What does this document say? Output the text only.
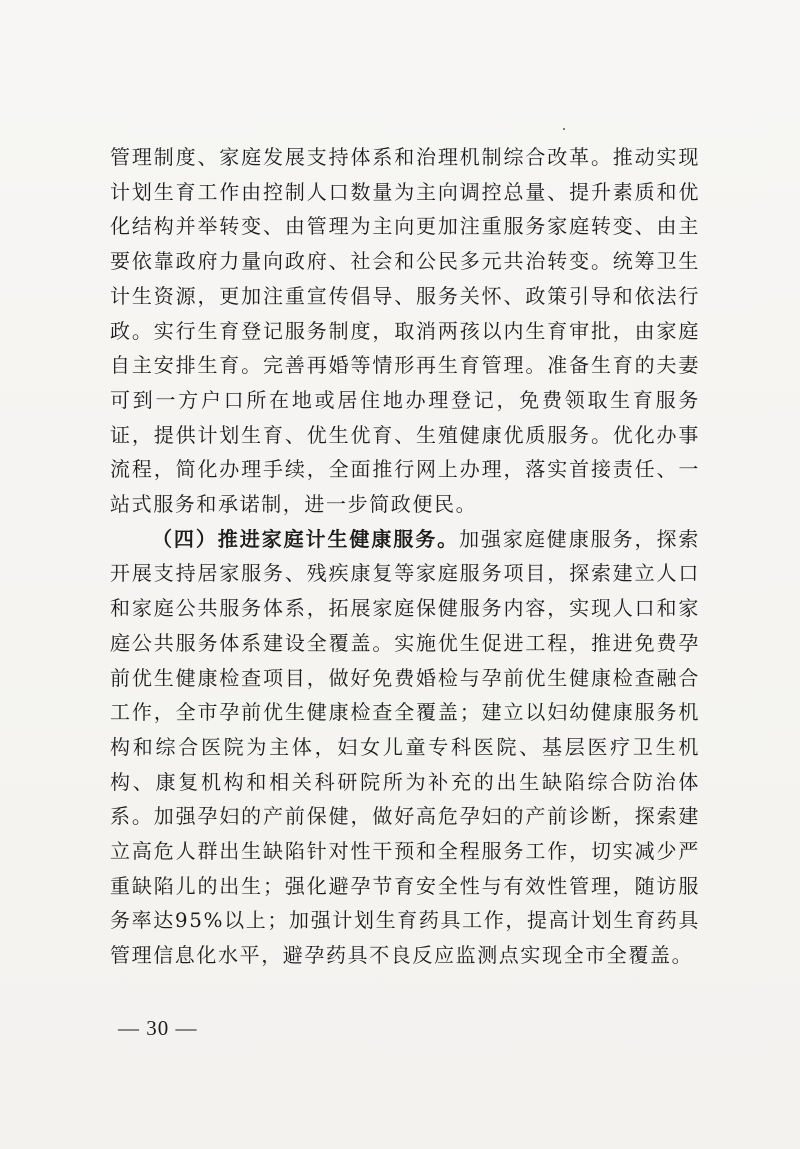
管理制度、家庭发展支持体系和治理机制综合改革。推动实现计划生育工作由控制人口数量为主向调控总量、提升素质和优化结构并举转变、由管理为主向更加注重服务家庭转变、由主要依靠政府力量向政府、社会和公民多元共治转变。统筹卫生计生资源，更加注重宣传倡导、服务关怀、政策引导和依法行政。实行生育登记服务制度，取消两孩以内生育审批，由家庭自主安排生育。完善再婚等情形再生育管理。准备生育的夫妻可到一方户口所在地或居住地办理登记，免费领取生育服务证，提供计划生育、优生优育、生殖健康优质服务。优化办事流程，简化办理手续，全面推行网上办理，落实首接责任、一站式服务和承诺制，进一步简政便民。

（四）推进家庭计生健康服务。加强家庭健康服务，探索开展支持居家服务、残疾康复等家庭服务项目，探索建立人口和家庭公共服务体系，拓展家庭保健服务内容，实现人口和家庭公共服务体系建设全覆盖。实施优生促进工程，推进免费孕前优生健康检查项目，做好免费婚检与孕前优生健康检查融合工作，全市孕前优生健康检查全覆盖；建立以妇幼健康服务机构和综合医院为主体，妇女儿童专科医院、基层医疗卫生机构、康复机构和相关科研院所为补充的出生缺陷综合防治体系。加强孕妇的产前保健，做好高危孕妇的产前诊断，探索建立高危人群出生缺陷针对性干预和全程服务工作，切实减少严重缺陷儿的出生；强化避孕节育安全性与有效性管理，随访服务率达95%以上；加强计划生育药具工作，提高计划生育药具管理信息化水平，避孕药具不良反应监测点实现全市全覆盖。

— 30 —
